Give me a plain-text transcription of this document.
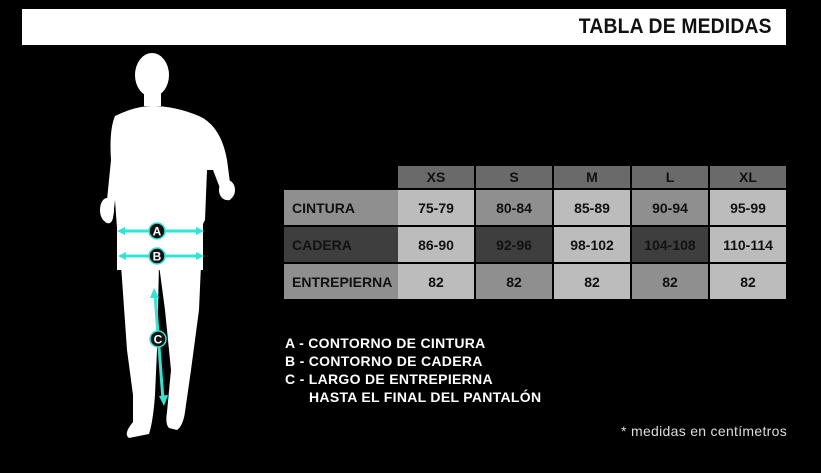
TABLA DE MEDIDAS
A
B
C
	XS	S	M	L	XL
CINTURA	75-79	80-84	85-89	90-94	95-99
CADERA	86-90	92-96	98-102	104-108	110-114
ENTREPIERNA	82	82	82	82	82
A - CONTORNO DE CINTURA
B - CONTORNO DE CADERA
C - LARGO DE ENTREPIERNA
HASTA EL FINAL DEL PANTALÓN
* medidas en centímetros
